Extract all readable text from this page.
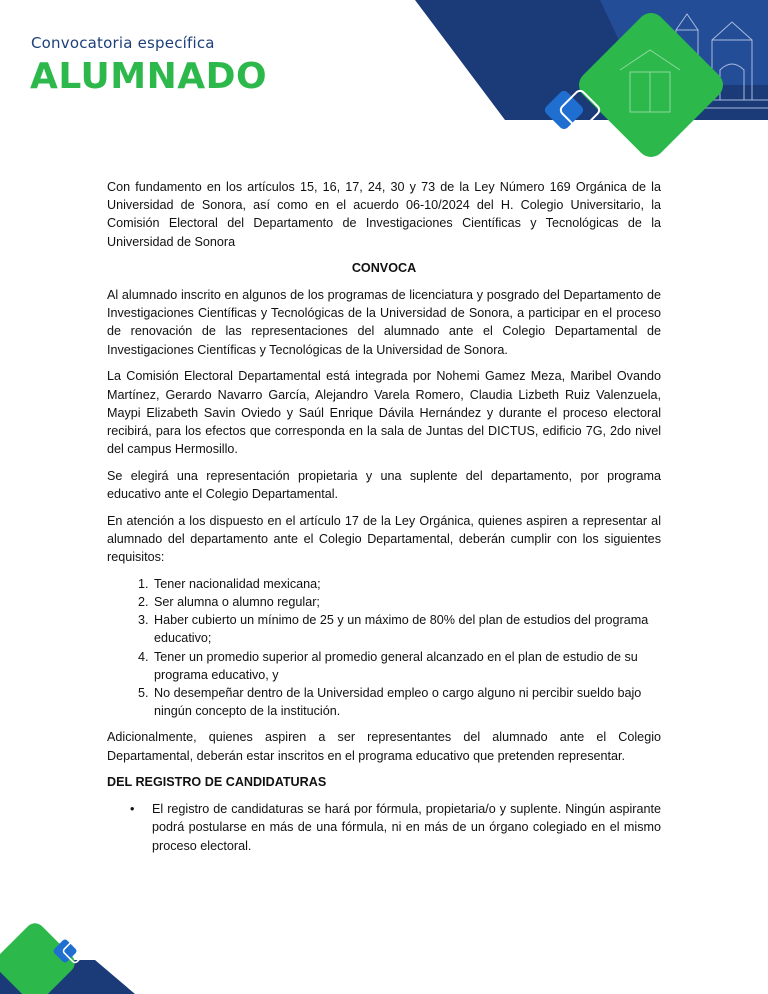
Convocatoria específica
ALUMNADO

Con fundamento en los artículos 15, 16, 17, 24, 30 y 73 de la Ley Número 169 Orgánica de la Universidad de Sonora, así como en el acuerdo 06-10/2024 del H. Colegio Universitario, la Comisión Electoral del Departamento de Investigaciones Científicas y Tecnológicas de la Universidad de Sonora

CONVOCA

Al alumnado inscrito en algunos de los programas de licenciatura y posgrado del Departamento de Investigaciones Científicas y Tecnológicas de la Universidad de Sonora, a participar en el proceso de renovación de las representaciones del alumnado ante el Colegio Departamental de Investigaciones Científicas y Tecnológicas de la Universidad de Sonora.

La Comisión Electoral Departamental está integrada por Nohemi Gamez Meza, Maribel Ovando Martínez, Gerardo Navarro García, Alejandro Varela Romero, Claudia Lizbeth Ruiz Valenzuela, Maypi Elizabeth Savin Oviedo y Saúl Enrique Dávila Hernández y durante el proceso electoral recibirá, para los efectos que corresponda en la sala de Juntas del DICTUS, edificio 7G, 2do nivel del campus Hermosillo.

Se elegirá una representación propietaria y una suplente del departamento, por programa educativo ante el Colegio Departamental.

En atención a los dispuesto en el artículo 17 de la Ley Orgánica, quienes aspiren a representar al alumnado del departamento ante el Colegio Departamental, deberán cumplir con los siguientes requisitos:

1. Tener nacionalidad mexicana;
2. Ser alumna o alumno regular;
3. Haber cubierto un mínimo de 25 y un máximo de 80% del plan de estudios del programa educativo;
4. Tener un promedio superior al promedio general alcanzado en el plan de estudio de su programa educativo, y
5. No desempeñar dentro de la Universidad empleo o cargo alguno ni percibir sueldo bajo ningún concepto de la institución.

Adicionalmente, quienes aspiren a ser representantes del alumnado ante el Colegio Departamental, deberán estar inscritos en el programa educativo que pretenden representar.

DEL REGISTRO DE CANDIDATURAS

• El registro de candidaturas se hará por fórmula, propietaria/o y suplente. Ningún aspirante podrá postularse en más de una fórmula, ni en más de un órgano colegiado en el mismo proceso electoral.
